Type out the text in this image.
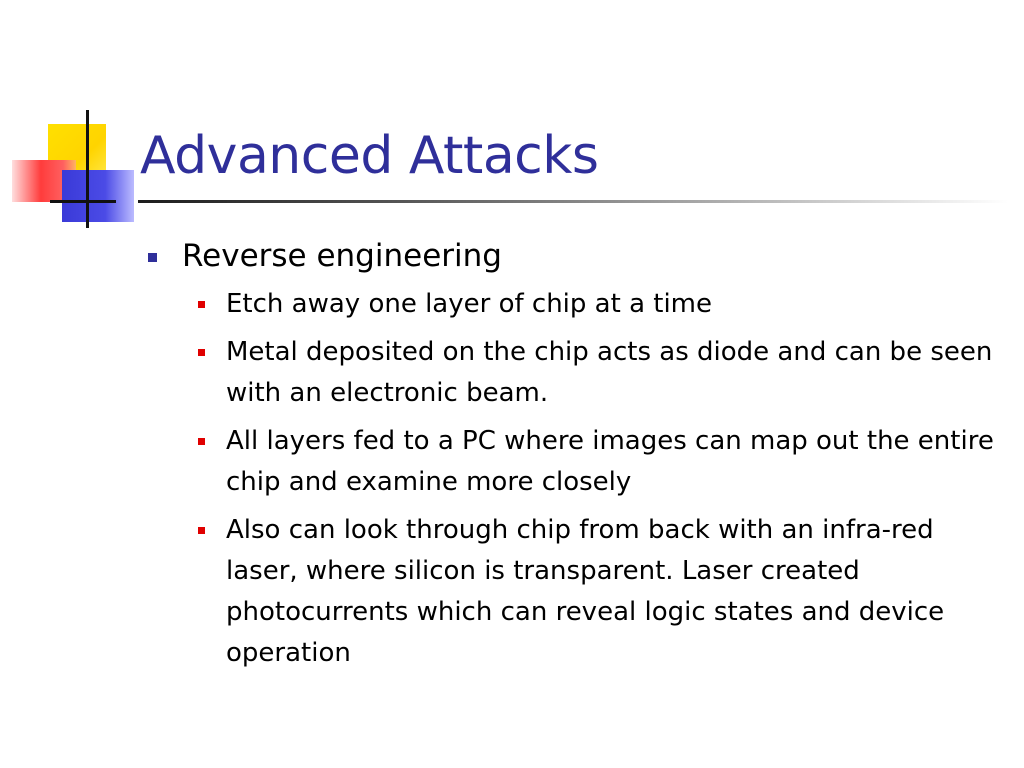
Advanced Attacks
Reverse engineering
Etch away one layer of chip at a time
Metal deposited on the chip acts as diode and can be seen with an electronic beam.
All layers fed to a PC where images can map out the entire chip and examine more closely
Also can look through chip from back with an infra-red laser, where silicon is transparent. Laser created photocurrents which can reveal logic states and device operation
